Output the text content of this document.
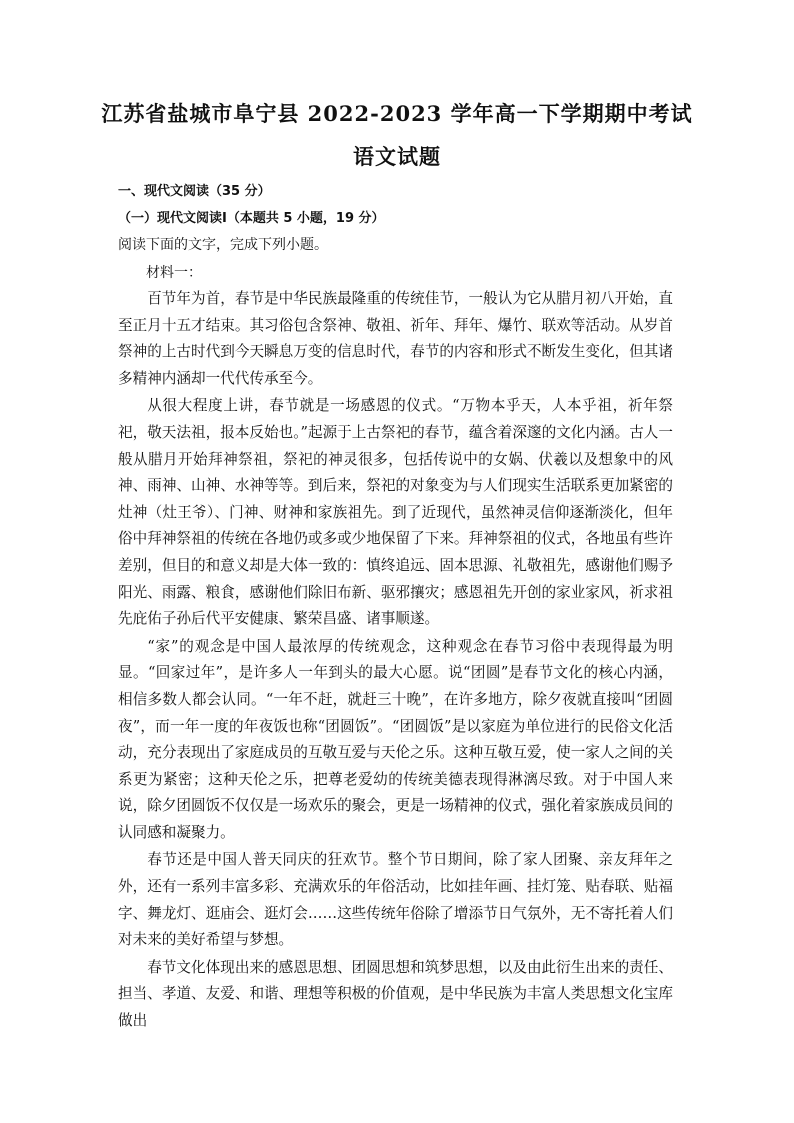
江苏省盐城市阜宁县 2022-2023 学年高一下学期期中考试
语文试题
一、现代文阅读（35 分）
（一）现代文阅读Ⅰ（本题共 5 小题，19 分）
阅读下面的文字，完成下列小题。
材料一：

百节年为首，春节是中华民族最隆重的传统佳节，一般认为它从腊月初八开始，直至正月十五才结束。其习俗包含祭神、敬祖、祈年、拜年、爆竹、联欢等活动。从岁首祭神的上古时代到今天瞬息万变的信息时代，春节的内容和形式不断发生变化，但其诸多精神内涵却一代代传承至今。

从很大程度上讲，春节就是一场感恩的仪式。“万物本乎天，人本乎祖，祈年祭祀，敬天法祖，报本反始也。”起源于上古祭祀的春节，蕴含着深邃的文化内涵。古人一般从腊月开始拜神祭祖，祭祀的神灵很多，包括传说中的女娲、伏羲以及想象中的风神、雨神、山神、水神等等。到后来，祭祀的对象变为与人们现实生活联系更加紧密的灶神（灶王爷）、门神、财神和家族祖先。到了近现代，虽然神灵信仰逐渐淡化，但年俗中拜神祭祖的传统在各地仍或多或少地保留了下来。拜神祭祖的仪式，各地虽有些许差别，但目的和意义却是大体一致的：慎终追远、固本思源、礼敬祖先，感谢他们赐予阳光、雨露、粮食，感谢他们除旧布新、驱邪攘灾；感恩祖先开创的家业家风，祈求祖先庇佑子孙后代平安健康、繁荣昌盛、诸事顺遂。

“家”的观念是中国人最浓厚的传统观念，这种观念在春节习俗中表现得最为明显。“回家过年”，是许多人一年到头的最大心愿。说“团圆”是春节文化的核心内涵，相信多数人都会认同。“一年不赶，就赶三十晚”，在许多地方，除夕夜就直接叫“团圆夜”，而一年一度的年夜饭也称“团圆饭”。“团圆饭”是以家庭为单位进行的民俗文化活动，充分表现出了家庭成员的互敬互爱与天伦之乐。这种互敬互爱，使一家人之间的关系更为紧密；这种天伦之乐，把尊老爱幼的传统美德表现得淋漓尽致。对于中国人来说，除夕团圆饭不仅仅是一场欢乐的聚会，更是一场精神的仪式，强化着家族成员间的认同感和凝聚力。

春节还是中国人普天同庆的狂欢节。整个节日期间，除了家人团聚、亲友拜年之外，还有一系列丰富多彩、充满欢乐的年俗活动，比如挂年画、挂灯笼、贴春联、贴福字、舞龙灯、逛庙会、逛灯会……这些传统年俗除了增添节日气氛外，无不寄托着人们对未来的美好希望与梦想。

春节文化体现出来的感恩思想、团圆思想和筑梦思想，以及由此衍生出来的责任、担当、孝道、友爱、和谐、理想等积极的价值观，是中华民族为丰富人类思想文化宝库做出
